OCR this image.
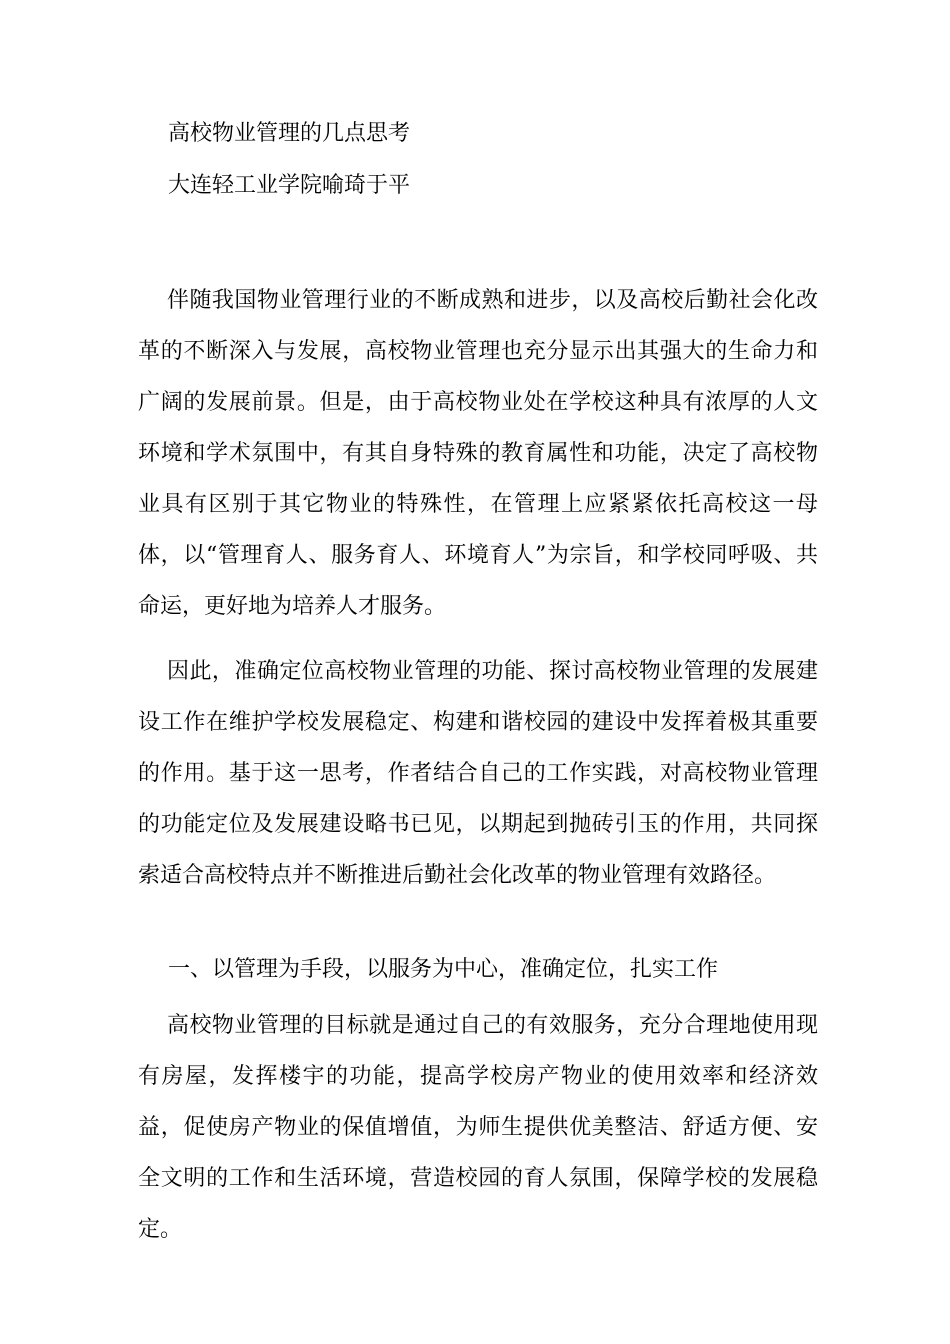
高校物业管理的几点思考

大连轻工业学院喻琦于平

伴随我国物业管理行业的不断成熟和进步，以及高校后勤社会化改革的不断深入与发展，高校物业管理也充分显示出其强大的生命力和广阔的发展前景。但是，由于高校物业处在学校这种具有浓厚的人文环境和学术氛围中，有其自身特殊的教育属性和功能，决定了高校物业具有区别于其它物业的特殊性，在管理上应紧紧依托高校这一母体，以“管理育人、服务育人、环境育人”为宗旨，和学校同呼吸、共命运，更好地为培养人才服务。

因此，准确定位高校物业管理的功能、探讨高校物业管理的发展建设工作在维护学校发展稳定、构建和谐校园的建设中发挥着极其重要的作用。基于这一思考，作者结合自己的工作实践，对高校物业管理的功能定位及发展建设略书已见，以期起到抛砖引玉的作用，共同探索适合高校特点并不断推进后勤社会化改革的物业管理有效路径。

一、以管理为手段，以服务为中心，准确定位，扎实工作

高校物业管理的目标就是通过自己的有效服务，充分合理地使用现有房屋，发挥楼宇的功能，提高学校房产物业的使用效率和经济效益，促使房产物业的保值增值，为师生提供优美整洁、舒适方便、安全文明的工作和生活环境，营造校园的育人氛围，保障学校的发展稳定。
